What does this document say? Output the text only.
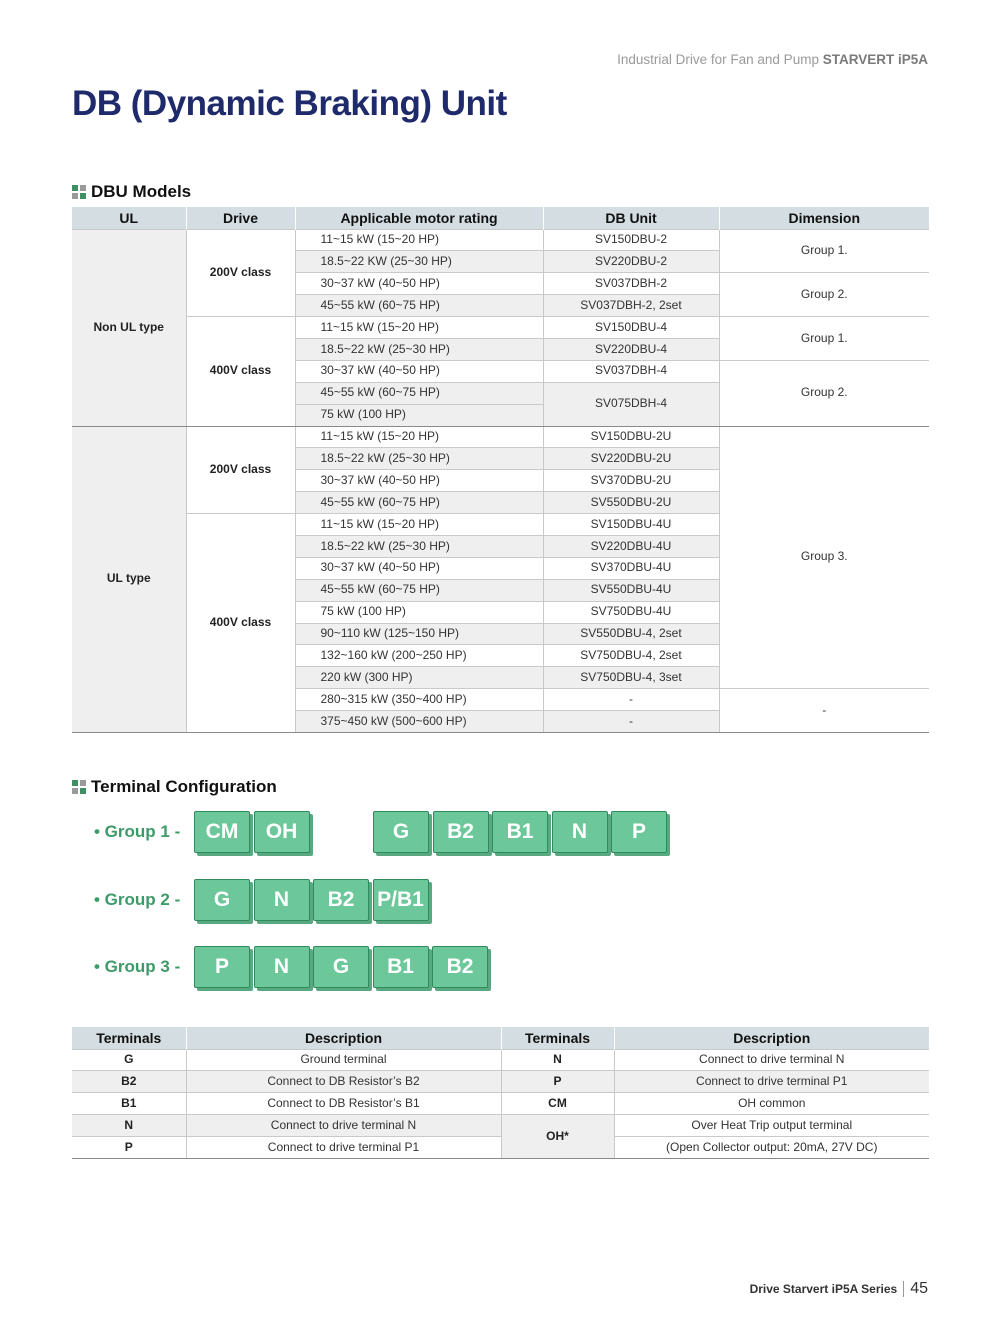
Industrial Drive for Fan and Pump STARVERT iP5A
DB (Dynamic Braking) Unit
DBU Models
UL	Drive	Applicable motor rating	DB Unit	Dimension
Non UL type	200V class	11~15 kW (15~20 HP)	SV150DBU-2	Group 1.
		18.5~22 KW (25~30 HP)	SV220DBU-2	
		30~37 kW (40~50 HP)	SV037DBH-2	Group 2.
		45~55 kW (60~75 HP)	SV037DBH-2, 2set	
	400V class	11~15 kW (15~20 HP)	SV150DBU-4	Group 1.
		18.5~22 kW (25~30 HP)	SV220DBU-4	
		30~37 kW (40~50 HP)	SV037DBH-4	Group 2.
		45~55 kW (60~75 HP)	SV075DBH-4	
		75 kW (100 HP)		
UL type	200V class	11~15 kW (15~20 HP)	SV150DBU-2U	Group 3.
		18.5~22 kW (25~30 HP)	SV220DBU-2U	
		30~37 kW (40~50 HP)	SV370DBU-2U	
		45~55 kW (60~75 HP)	SV550DBU-2U	
	400V class	11~15 kW (15~20 HP)	SV150DBU-4U	
		18.5~22 kW (25~30 HP)	SV220DBU-4U	
		30~37 kW (40~50 HP)	SV370DBU-4U	
		45~55 kW (60~75 HP)	SV550DBU-4U	
		75 kW (100 HP)	SV750DBU-4U	
		90~110 kW (125~150 HP)	SV550DBU-4, 2set	
		132~160 kW (200~250 HP)	SV750DBU-4, 2set	
		220 kW (300 HP)	SV750DBU-4, 3set	
		280~315 kW (350~400 HP)	-	-
		375~450 kW (500~600 HP)	-	
Terminal Configuration
• Group 1 -	CM	OH	G	B2	B1	N	P
• Group 2 -	G	N	B2	P/B1
• Group 3 -	P	N	G	B1	B2
Terminals	Description	Terminals	Description
G	Ground terminal	N	Connect to drive terminal N
B2	Connect to DB Resistor’s B2	P	Connect to drive terminal P1
B1	Connect to DB Resistor’s B1	CM	OH common
N	Connect to drive terminal N	OH*	Over Heat Trip output terminal
P	Connect to drive terminal P1		(Open Collector output: 20mA, 27V DC)
Drive Starvert iP5A Series 45
